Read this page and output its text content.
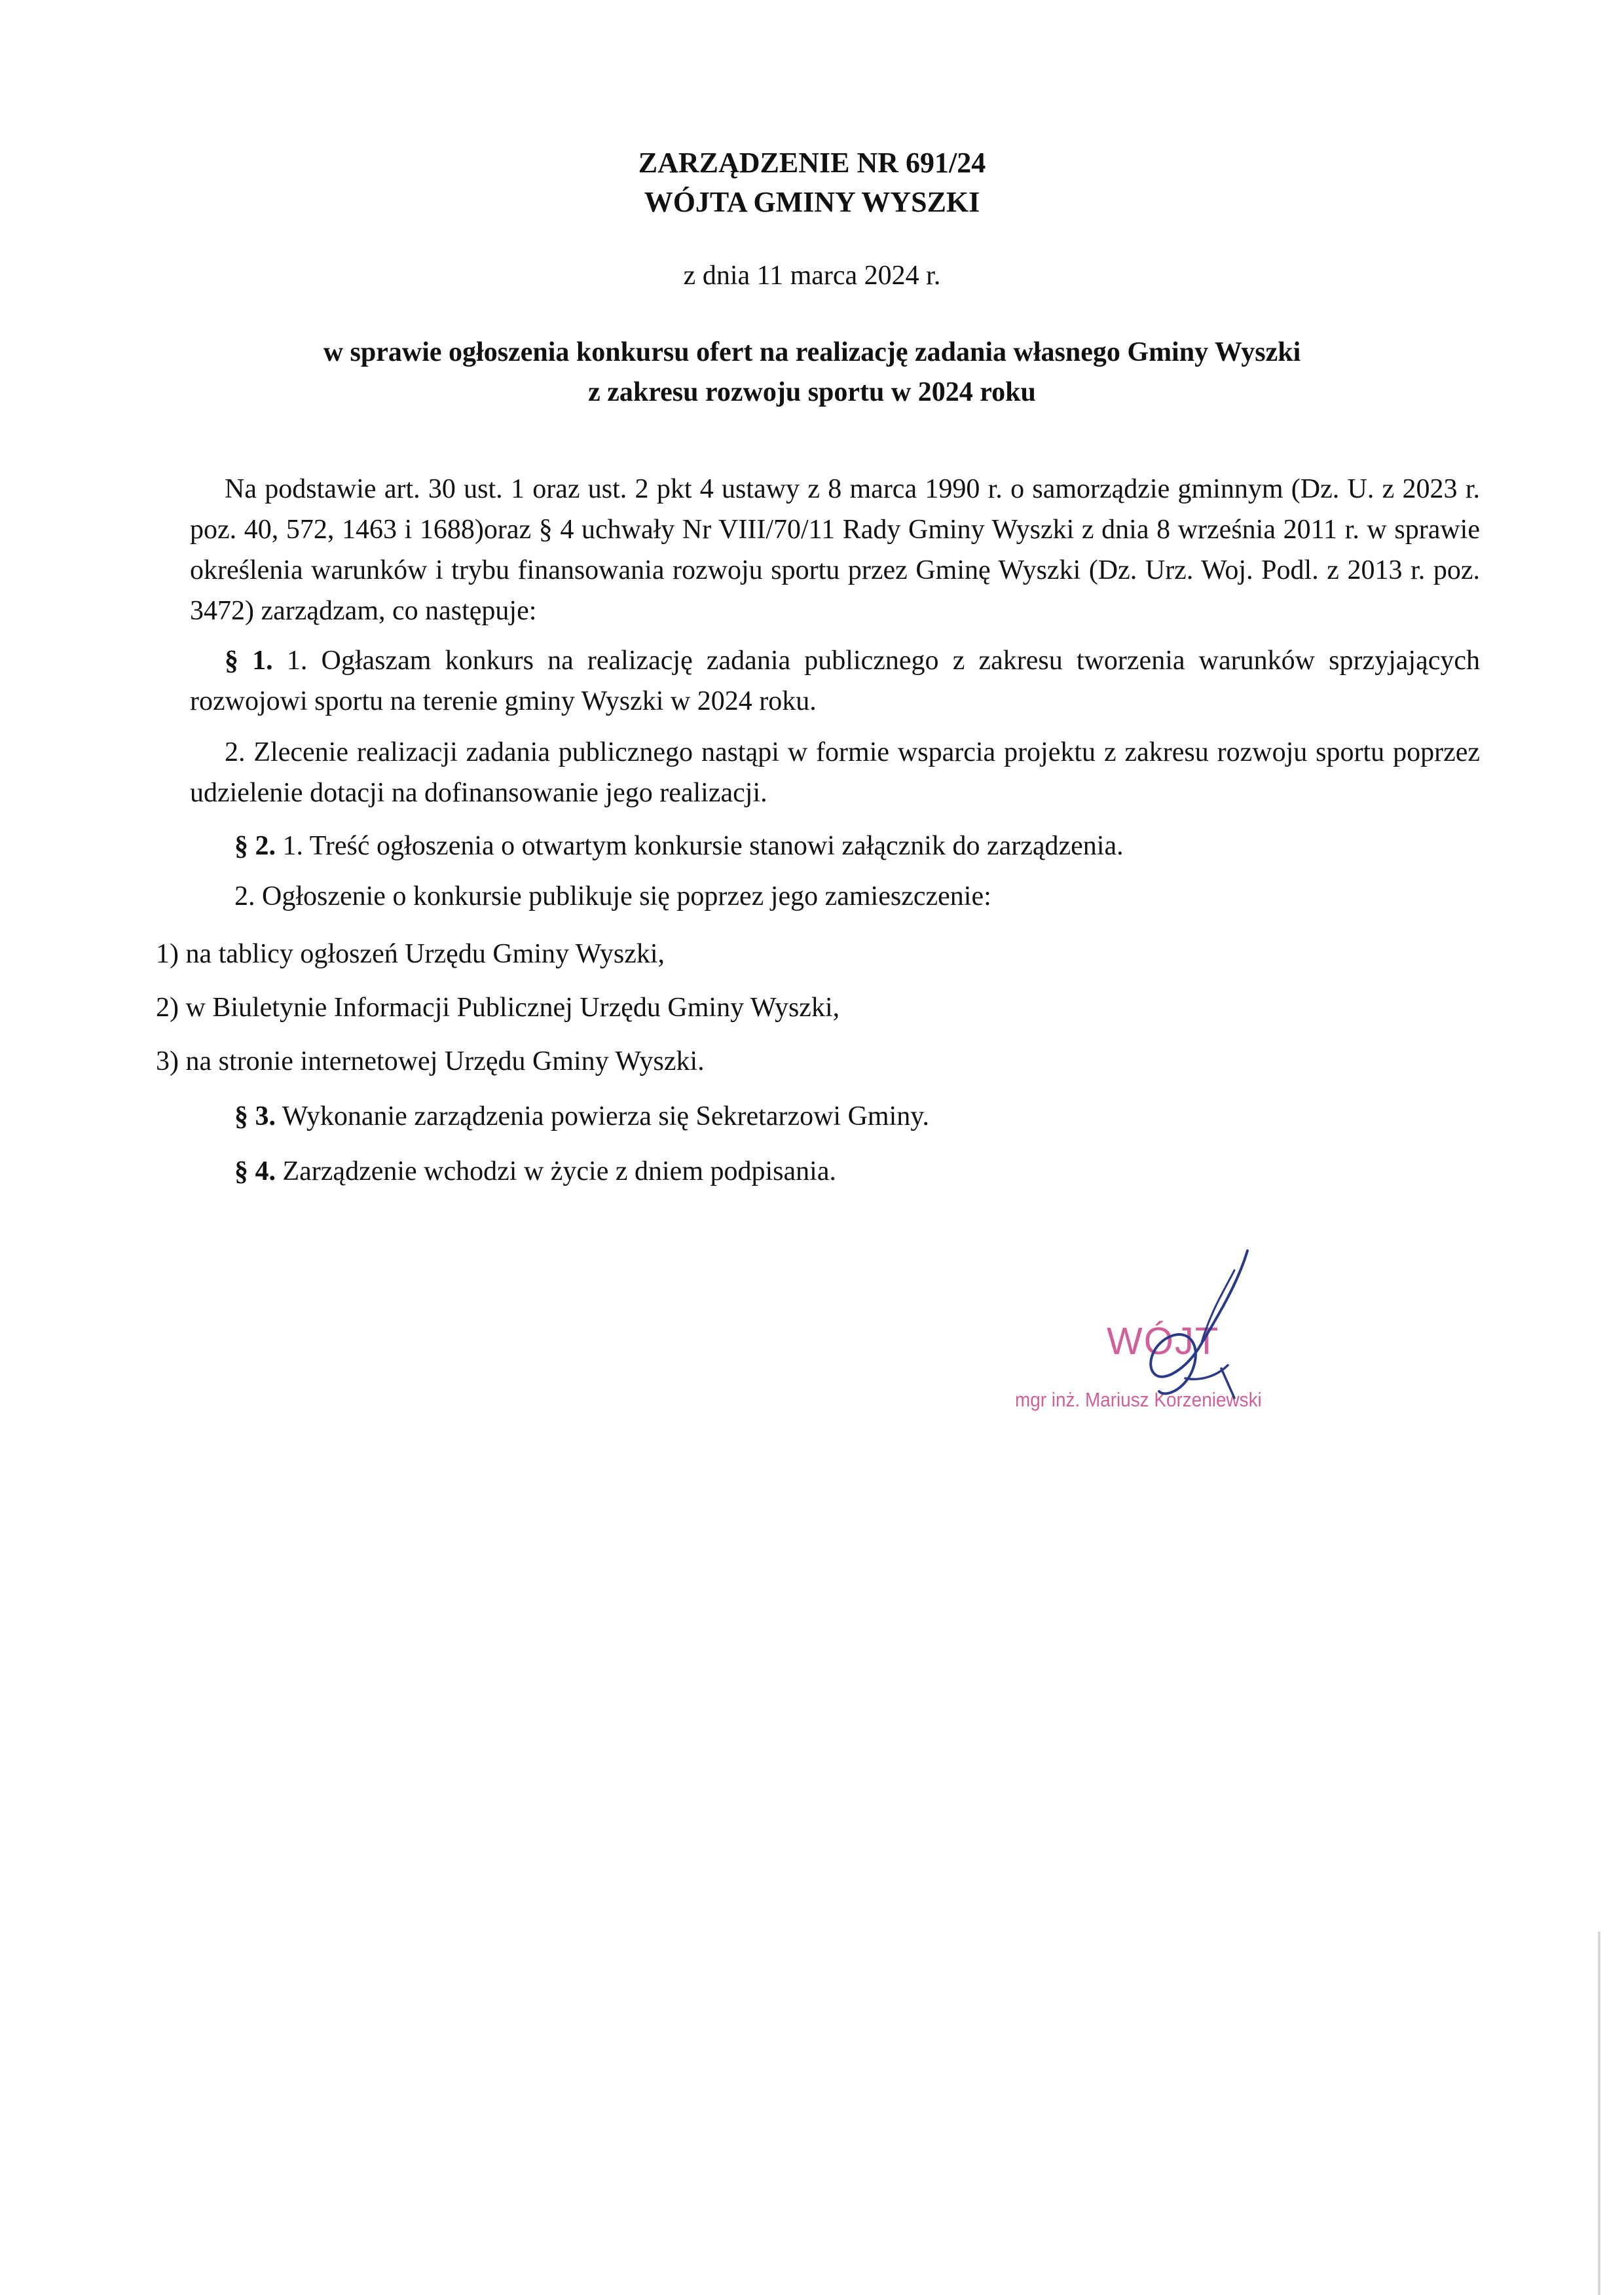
ZARZĄDZENIE NR 691/24
WÓJTA GMINY WYSZKI
z dnia 11 marca 2024 r.
w sprawie ogłoszenia konkursu ofert na realizację zadania własnego Gminy Wyszki
z zakresu rozwoju sportu w 2024 roku
Na podstawie art. 30 ust. 1 oraz ust. 2 pkt 4 ustawy z 8 marca 1990 r. o samorządzie gminnym (Dz. U. z 2023 r. poz. 40, 572, 1463 i 1688)oraz § 4 uchwały Nr VIII/70/11 Rady Gminy Wyszki z dnia 8 września 2011 r. w sprawie określenia warunków i trybu finansowania rozwoju sportu przez Gminę Wyszki (Dz. Urz. Woj. Podl. z 2013 r. poz. 3472) zarządzam, co następuje:
§ 1. 1. Ogłaszam konkurs na realizację zadania publicznego z zakresu tworzenia warunków sprzyjających rozwojowi sportu na terenie gminy Wyszki w 2024 roku.
2. Zlecenie realizacji zadania publicznego nastąpi w formie wsparcia projektu z zakresu rozwoju sportu poprzez udzielenie dotacji na dofinansowanie jego realizacji.
§ 2. 1. Treść ogłoszenia o otwartym konkursie stanowi załącznik do zarządzenia.
2. Ogłoszenie o konkursie publikuje się poprzez jego zamieszczenie:
1) na tablicy ogłoszeń Urzędu Gminy Wyszki,
2) w Biuletynie Informacji Publicznej Urzędu Gminy Wyszki,
3) na stronie internetowej Urzędu Gminy Wyszki.
§ 3. Wykonanie zarządzenia powierza się Sekretarzowi Gminy.
§ 4. Zarządzenie wchodzi w życie z dniem podpisania.
WÓJT
mgr inż. Mariusz Korzeniewski
